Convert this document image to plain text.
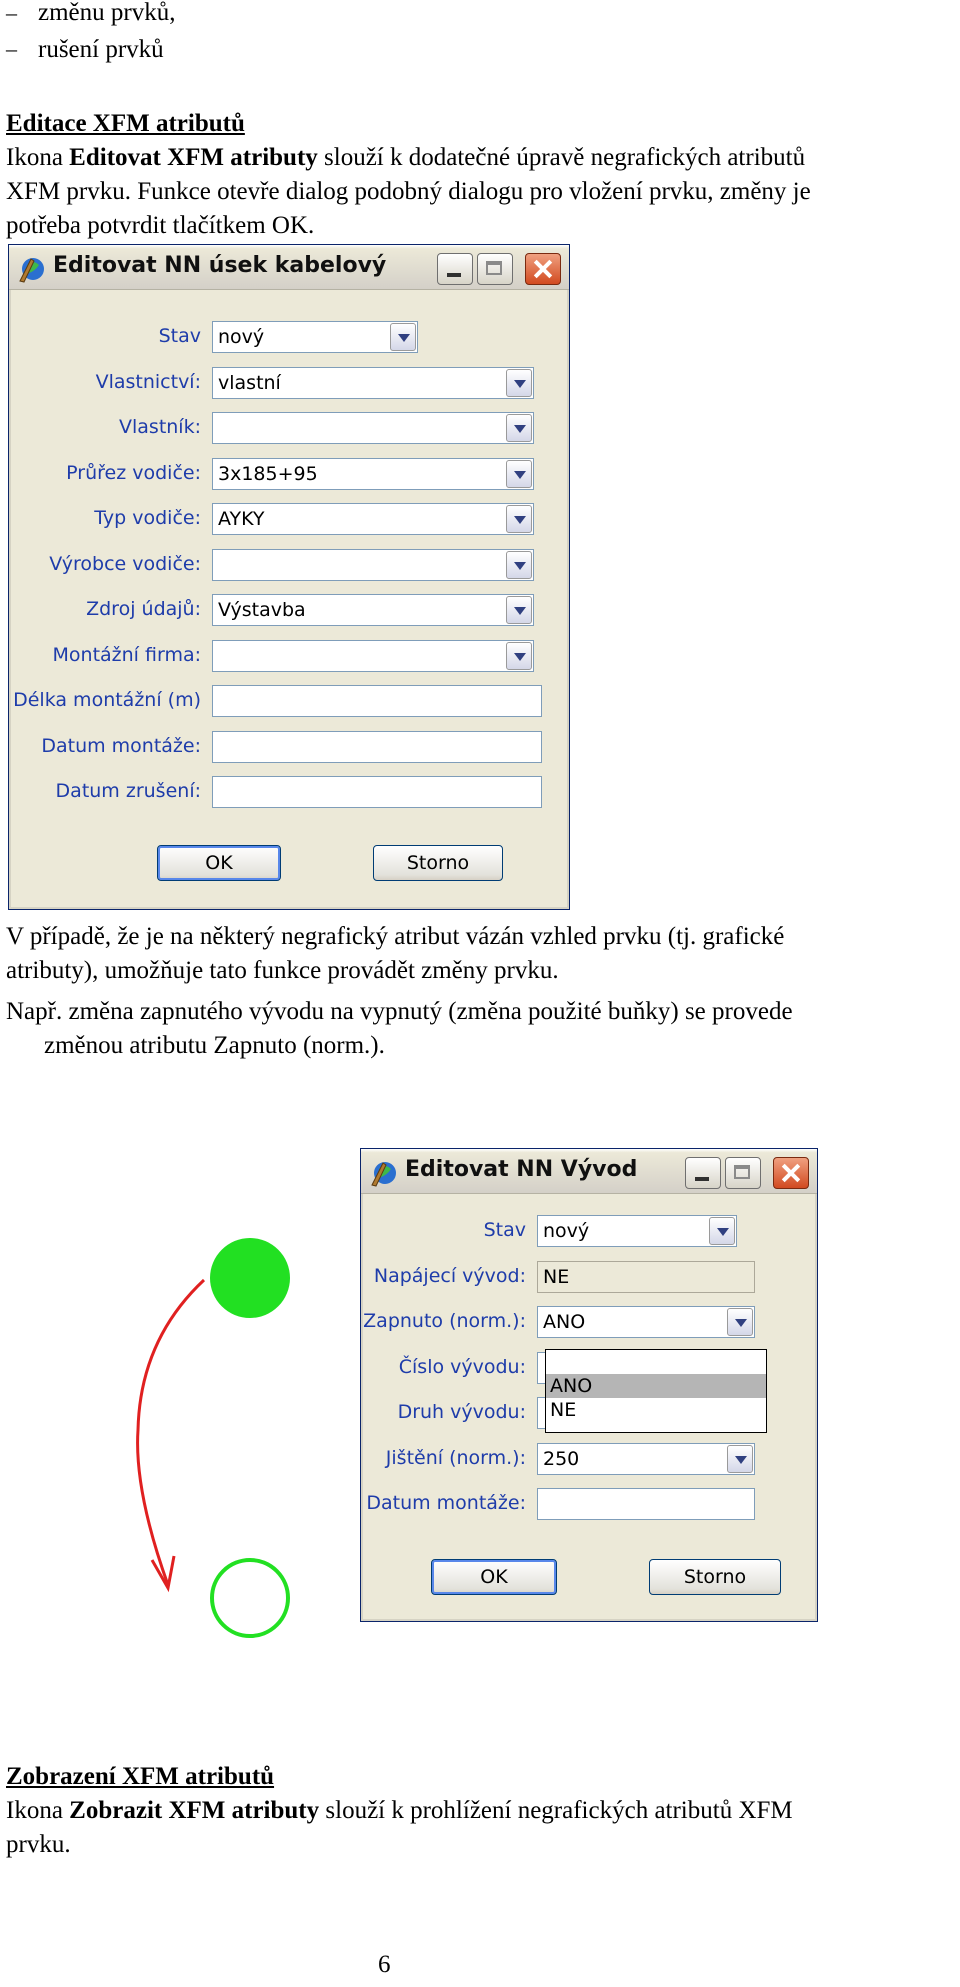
– změnu prvků,
– rušení prvků
Editace XFM atributů
Ikona Editovat XFM atributy slouží k dodatečné úpravě negrafických atributů
XFM prvku. Funkce otevře dialog podobný dialogu pro vložení prvku, změny je
potřeba potvrdit tlačítkem OK.
Editovat NN úsek kabelový
Stav nový
Vlastnictví: vlastní
Vlastník:
Průřez vodiče: 3x185+95
Typ vodiče: AYKY
Výrobce vodiče:
Zdroj údajů: Výstavba
Montážní firma:
Délka montážní (m)
Datum montáže:
Datum zrušení:
OK	Storno
V případě, že je na některý negrafický atribut vázán vzhled prvku (tj. grafické
atributy), umožňuje tato funkce provádět změny prvku.
Např. změna zapnutého vývodu na vypnutý (změna použité buňky) se provede
změnou atributu Zapnuto (norm.).
Editovat NN Vývod
Stav nový
Napájecí vývod: NE
Zapnuto (norm.): ANO
Číslo vývodu:
Druh vývodu:
Jištění (norm.): 250
Datum montáže:
ANO
NE
OK	Storno
Zobrazení XFM atributů
Ikona Zobrazit XFM atributy slouží k prohlížení negrafických atributů XFM
prvku.
6
